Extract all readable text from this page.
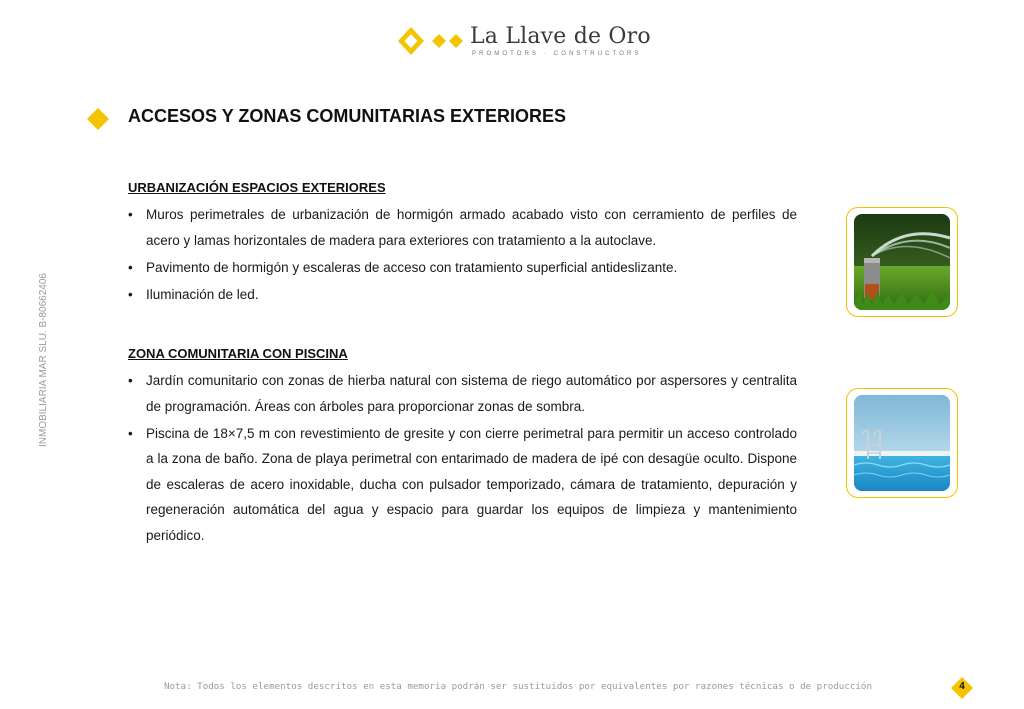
La Llave de Oro
PROMOTORS · CONSTRUCTORS
INMOBILIARIA MAR SLU. B-80662406
ACCESOS Y ZONAS COMUNITARIAS EXTERIORES
URBANIZACIÓN ESPACIOS EXTERIORES
• Muros perimetrales de urbanización de hormigón armado acabado visto con cerramiento de perfiles de acero y lamas horizontales de madera para exteriores con tratamiento a la autoclave.
• Pavimento de hormigón y escaleras de acceso con tratamiento superficial antideslizante.
• Iluminación de led.
ZONA COMUNITARIA CON PISCINA
• Jardín comunitario con zonas de hierba natural con sistema de riego automático por aspersores y centralita de programación. Áreas con árboles para proporcionar zonas de sombra.
• Piscina de 18×7,5 m con revestimiento de gresite y con cierre perimetral para permitir un acceso controlado a la zona de baño. Zona de playa perimetral con entarimado de madera de ipé con desagüe oculto. Dispone de escaleras de acero inoxidable, ducha con pulsador temporizado, cámara de tratamiento, depuración y regeneración automática del agua y espacio para guardar los equipos de limpieza y mantenimiento periódico.
Nota: Todos los elementos descritos en esta memoria podrán ser sustituidos por equivalentes por razones técnicas o de producción	4
